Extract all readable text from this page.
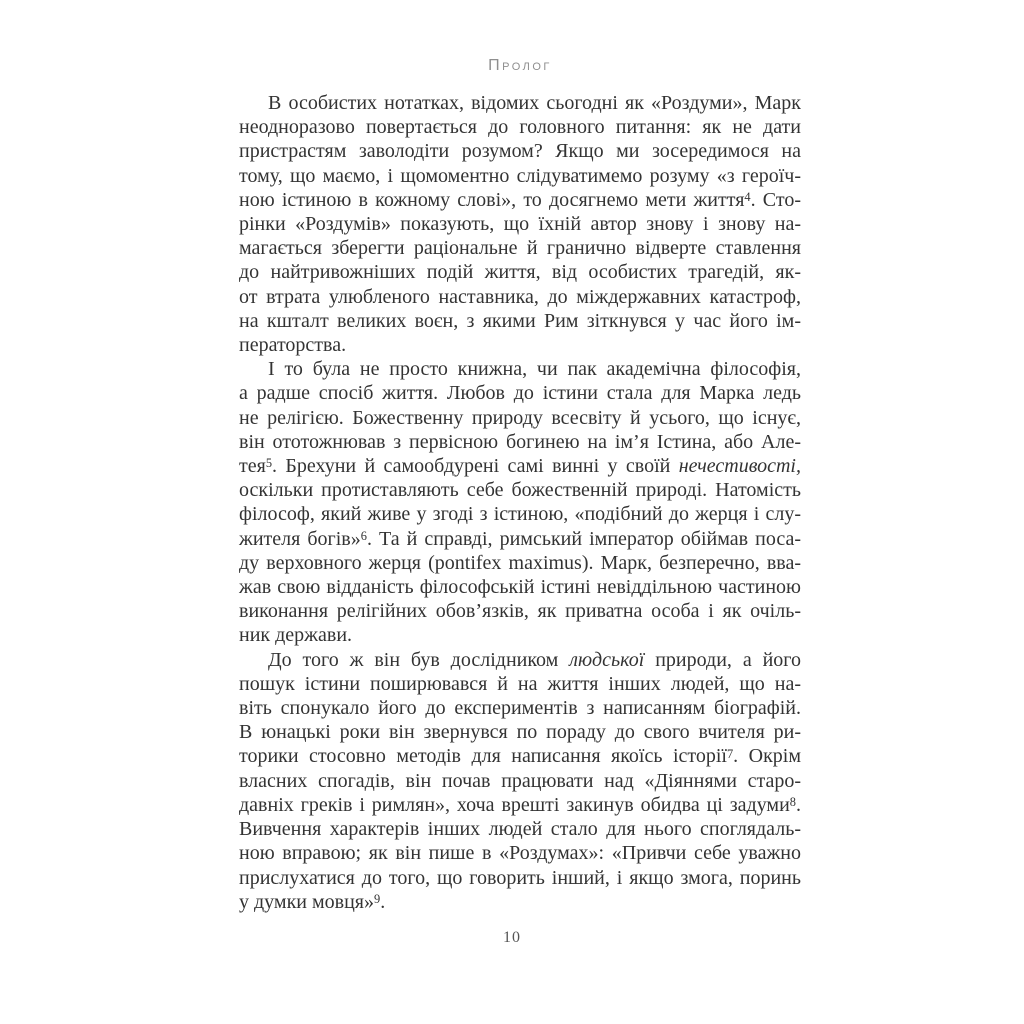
Пролог
В особистих нотатках, відомих сьогодні як «Роздуми», Марк
неодноразово повертається до головного питання: як не дати
пристрастям заволодіти розумом? Якщо ми зосередимося на
тому, що маємо, і щомоментно слідуватимемо розуму «з героїч-
ною істиною в кожному слові», то досягнемо мети життя$^4$. Сто-
рінки «Роздумів» показують, що їхній автор знову і знову на-
магається зберегти раціональне й гранично відверте ставлення
до найтривожніших подій життя, від особистих трагедій, як-
от втрата улюбленого наставника, до міждержавних катастроф,
на кшталт великих воєн, з якими Рим зіткнувся у час його ім-
ператорства.
І то була не просто книжна, чи пак академічна філософія,
а радше спосіб життя. Любов до істини стала для Марка ледь
не релігією. Божественну природу всесвіту й усього, що існує,
він ототожнював з первісною богинею на ім’я Істина, або Але-
тея$^5$. Брехуни й самообдурені самі винні у своїй нечестивості,
оскільки протиставляють себе божественній природі. Натомість
філософ, який живе у згоді з істиною, «подібний до жерця і слу-
жителя богів»$^6$. Та й справді, римський імператор обіймав поса-
ду верховного жерця (pontifex maximus). Марк, безперечно, вва-
жав свою відданість філософській істині невіддільною частиною
виконання релігійних обов’язків, як приватна особа і як очіль-
ник держави.
До того ж він був дослідником людської природи, а його
пошук істини поширювався й на життя інших людей, що на-
віть спонукало його до експериментів з написанням біографій.
В юнацькі роки він звернувся по пораду до свого вчителя ри-
торики стосовно методів для написання якоїсь історії$^7$. Окрім
власних спогадів, він почав працювати над «Діяннями старо-
давніх греків і римлян», хоча врешті закинув обидва ці задуми$^8$.
Вивчення характерів інших людей стало для нього споглядаль-
ною вправою; як він пише в «Роздумах»: «Привчи себе уважно
прислухатися до того, що говорить інший, і якщо змога, поринь
у думки мовця»$^9$.
10
